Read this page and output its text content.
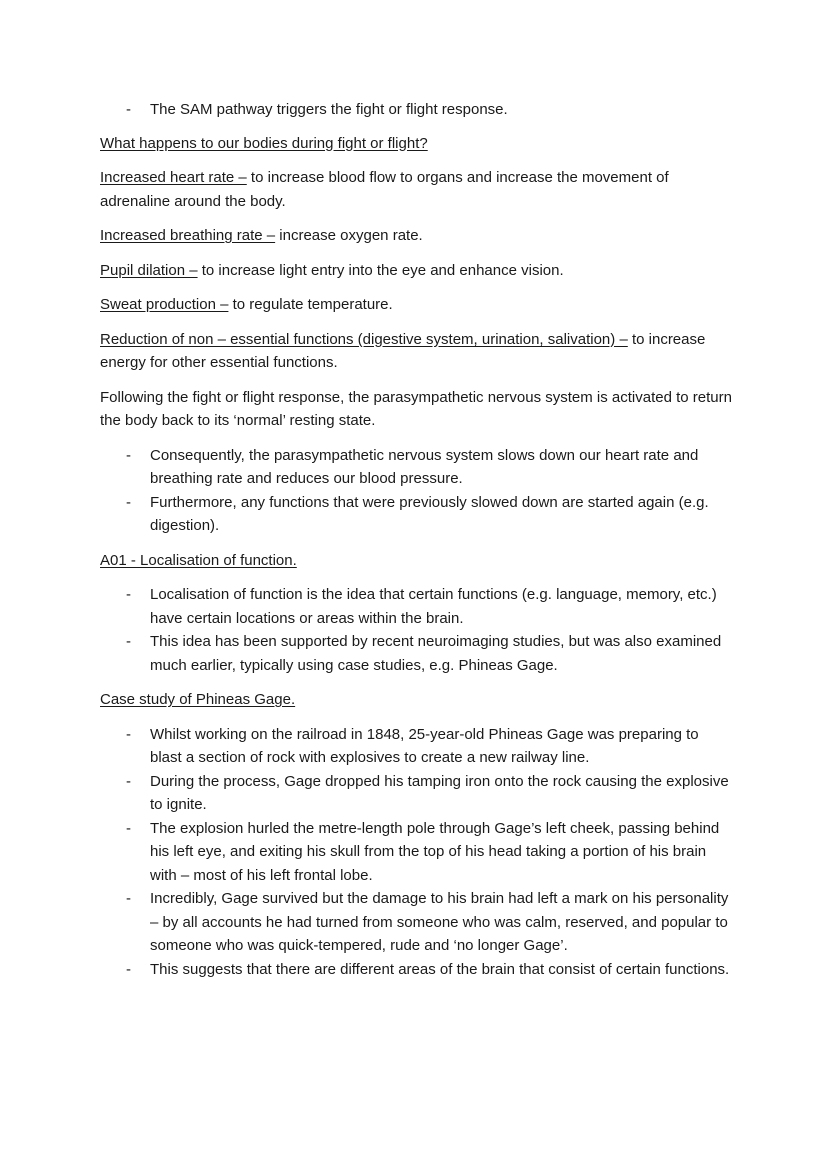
- The SAM pathway triggers the fight or flight response.

What happens to our bodies during fight or flight?

Increased heart rate – to increase blood flow to organs and increase the movement of adrenaline around the body.

Increased breathing rate – increase oxygen rate.

Pupil dilation – to increase light entry into the eye and enhance vision.

Sweat production – to regulate temperature.

Reduction of non – essential functions (digestive system, urination, salivation) – to increase energy for other essential functions.

Following the fight or flight response, the parasympathetic nervous system is activated to return the body back to its ‘normal’ resting state.

- Consequently, the parasympathetic nervous system slows down our heart rate and breathing rate and reduces our blood pressure.
- Furthermore, any functions that were previously slowed down are started again (e.g. digestion).

A01 - Localisation of function.

- Localisation of function is the idea that certain functions (e.g. language, memory, etc.) have certain locations or areas within the brain.
- This idea has been supported by recent neuroimaging studies, but was also examined much earlier, typically using case studies, e.g. Phineas Gage.

Case study of Phineas Gage.

- Whilst working on the railroad in 1848, 25-year-old Phineas Gage was preparing to blast a section of rock with explosives to create a new railway line.
- During the process, Gage dropped his tamping iron onto the rock causing the explosive to ignite.
- The explosion hurled the metre-length pole through Gage’s left cheek, passing behind his left eye, and exiting his skull from the top of his head taking a portion of his brain with – most of his left frontal lobe.
- Incredibly, Gage survived but the damage to his brain had left a mark on his personality – by all accounts he had turned from someone who was calm, reserved, and popular to someone who was quick-tempered, rude and ‘no longer Gage’.
- This suggests that there are different areas of the brain that consist of certain functions.
